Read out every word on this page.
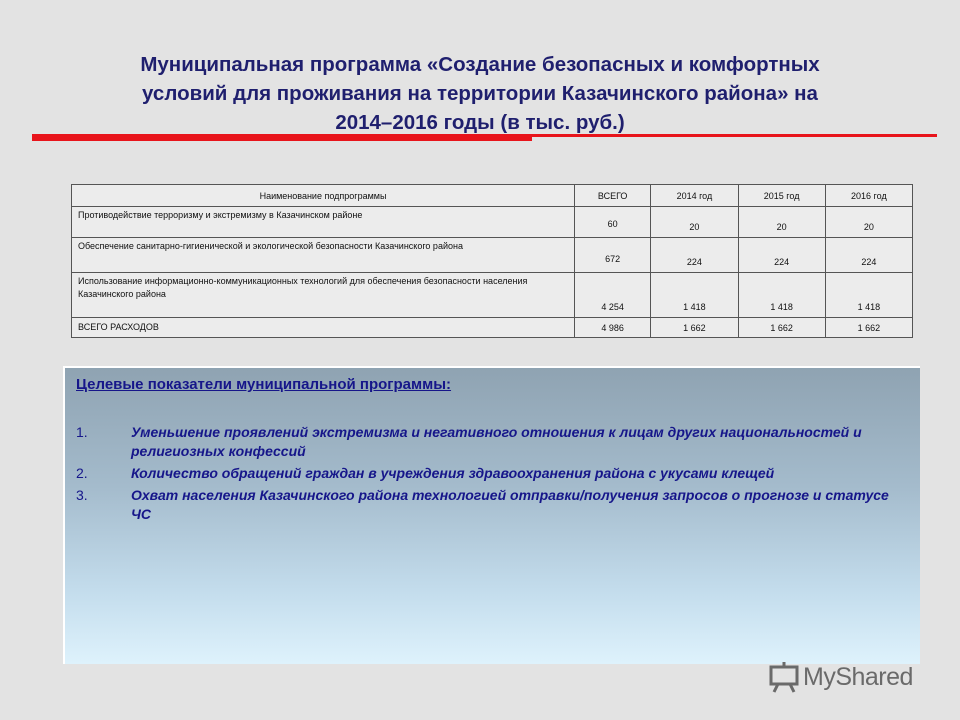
Муниципальная программа «Создание безопасных и комфортных
условий для проживания на территории Казачинского района» на
2014–2016 годы (в тыс. руб.)
Наименование подпрограммы	ВСЕГО	2014 год	2015 год	2016 год
Противодействие терроризму и экстремизму в Казачинском районе	60	20	20	20
Обеспечение санитарно-гигиенической и экологической безопасности Казачинского района	672	224	224	224
Использование информационно-коммуникационных технологий для обеспечения безопасности населения Казачинского района	4 254	1 418	1 418	1 418
ВСЕГО РАСХОДОВ	4 986	1 662	1 662	1 662
Целевые показатели муниципальной программы:
1.	Уменьшение проявлений экстремизма и негативного отношения к лицам других национальностей и религиозных конфессий
2.	Количество обращений граждан в учреждения здравоохранения района с укусами клещей
3.	Охват населения Казачинского района технологией отправки/получения запросов о прогнозе и статусе ЧС
MyShared
